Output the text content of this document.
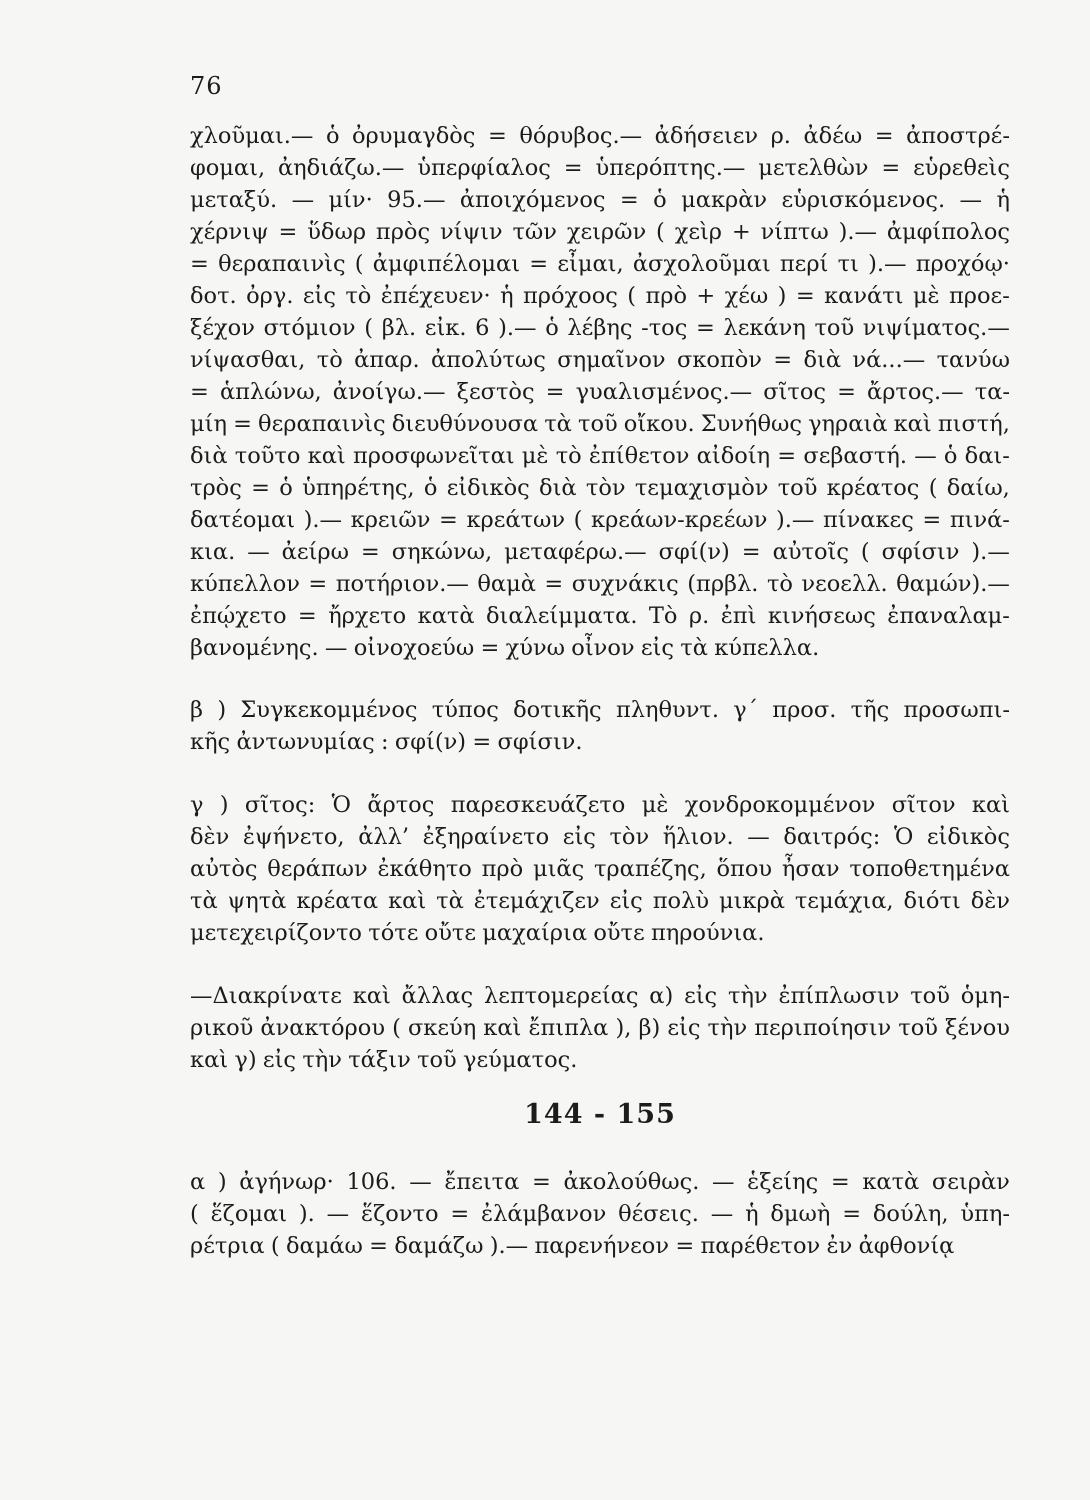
76
χλοῦμαι.— ὁ ὀρυμαγδὸς = θόρυβος.— ἀδήσειεν ρ. ἀδέω = ἀποστρέ-
φομαι, ἀηδιάζω.— ὑπερφίαλος = ὑπερόπτης.— μετελθὼν = εὑρεθεὶς
μεταξύ. — μίν· 95.— ἀποιχόμενος = ὁ μακρὰν εὑρισκόμενος. — ἡ
χέρνιψ = ὕδωρ πρὸς νίψιν τῶν χειρῶν ( χεὶρ + νίπτω ).— ἀμφίπολος
= θεραπαινὶς ( ἀμφιπέλομαι = εἶμαι, ἀσχολοῦμαι περί τι ).— προχόῳ·
δοτ. ὀργ. εἰς τὸ ἐπέχευεν· ἡ πρόχοος ( πρὸ + χέω ) = κανάτι μὲ προε-
ξέχον στόμιον ( βλ. εἰκ. 6 ).— ὁ λέβης -τος = λεκάνη τοῦ νιψίματος.—
νίψασθαι, τὸ ἀπαρ. ἀπολύτως σημαῖνον σκοπὸν = διὰ νά...— τανύω
= ἁπλώνω, ἀνοίγω.— ξεστὸς = γυαλισμένος.— σῖτος = ἄρτος.— τα-
μίη = θεραπαινὶς διευθύνουσα τὰ τοῦ οἴκου. Συνήθως γηραιὰ καὶ πιστή,
διὰ τοῦτο καὶ προσφωνεῖται μὲ τὸ ἐπίθετον αἰδοίη = σεβαστή. — ὁ δαι-
τρὸς = ὁ ὑπηρέτης, ὁ εἰδικὸς διὰ τὸν τεμαχισμὸν τοῦ κρέατος ( δαίω,
δατέομαι ).— κρειῶν = κρεάτων ( κρεάων-κρεέων ).— πίνακες = πινά-
κια. — ἀείρω = σηκώνω, μεταφέρω.— σφί(ν) = αὐτοῖς ( σφίσιν ).—
κύπελλον = ποτήριον.— θαμὰ = συχνάκις (πρβλ. τὸ νεοελλ. θαμών).—
ἐπῴχετο = ἤρχετο κατὰ διαλείμματα. Τὸ ρ. ἐπὶ κινήσεως ἐπαναλαμ-
βανομένης. — οἰνοχοεύω = χύνω οἶνον εἰς τὰ κύπελλα.
β ) Συγκεκομμένος τύπος δοτικῆς πληθυντ. γ΄ προσ. τῆς προσωπι-
κῆς ἀντωνυμίας : σφί(ν) = σφίσιν.
γ ) σῖτος: Ὁ ἄρτος παρεσκευάζετο μὲ χονδροκομμένον σῖτον καὶ
δὲν ἐψήνετο, ἀλλ’ ἐξηραίνετο εἰς τὸν ἥλιον. — δαιτρός: Ὁ εἰδικὸς
αὐτὸς θεράπων ἐκάθητο πρὸ μιᾶς τραπέζης, ὅπου ἦσαν τοποθετημένα
τὰ ψητὰ κρέατα καὶ τὰ ἐτεμάχιζεν εἰς πολὺ μικρὰ τεμάχια, διότι δὲν
μετεχειρίζοντο τότε οὔτε μαχαίρια οὔτε πηρούνια.
—Διακρίνατε καὶ ἄλλας λεπτομερείας α) εἰς τὴν ἐπίπλωσιν τοῦ ὁμη-
ρικοῦ ἀνακτόρου ( σκεύη καὶ ἔπιπλα ), β) εἰς τὴν περιποίησιν τοῦ ξένου
καὶ γ) εἰς τὴν τάξιν τοῦ γεύματος.
144 - 155
α ) ἀγήνωρ· 106. — ἔπειτα = ἀκολούθως. — ἑξείης = κατὰ σειρὰν
( ἕζομαι ). — ἕζοντο = ἐλάμβανον θέσεις. — ἡ δμωὴ = δούλη, ὑπη-
ρέτρια ( δαμάω = δαμάζω ).— παρενήνεον = παρέθετον ἐν ἀφθονίᾳ
